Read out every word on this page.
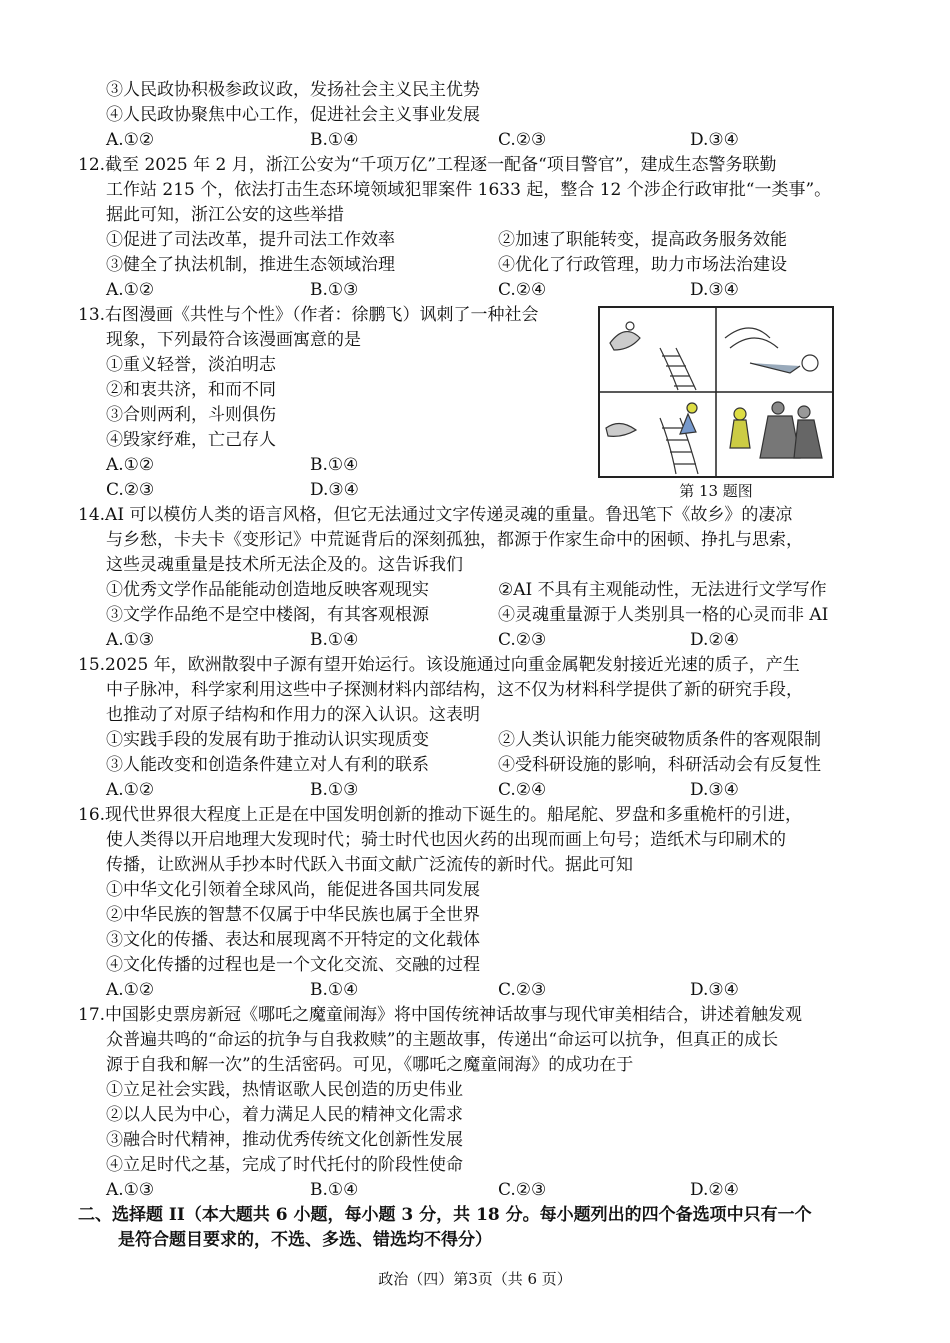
③人民政协积极参政议政，发扬社会主义民主优势
④人民政协聚焦中心工作，促进社会主义事业发展
A.①②	B.①④	C.②③	D.③④
12.截至 2025 年 2 月，浙江公安为“千项万亿”工程逐一配备“项目警官”，建成生态警务联勤
工作站 215 个，依法打击生态环境领域犯罪案件 1633 起，整合 12 个涉企行政审批“一类事”。
据此可知，浙江公安的这些举措
①促进了司法改革，提升司法工作效率	②加速了职能转变，提高政务服务效能
③健全了执法机制，推进生态领域治理	④优化了行政管理，助力市场法治建设
A.①②	B.①③	C.②④	D.③④
13.右图漫画《共性与个性》（作者：徐鹏飞）讽刺了一种社会
现象，下列最符合该漫画寓意的是
①重义轻誉，淡泊明志
②和衷共济，和而不同
③合则两利，斗则俱伤
④毁家纾难，亡己存人
A.①②	B.①④
C.②③	D.③④	第 13 题图
14.AI 可以模仿人类的语言风格，但它无法通过文字传递灵魂的重量。鲁迅笔下《故乡》的凄凉
与乡愁，卡夫卡《变形记》中荒诞背后的深刻孤独，都源于作家生命中的困顿、挣扎与思索，
这些灵魂重量是技术所无法企及的。这告诉我们
①优秀文学作品能能动创造地反映客观现实	②AI 不具有主观能动性，无法进行文学写作
③文学作品绝不是空中楼阁，有其客观根源	④灵魂重量源于人类别具一格的心灵而非 AI
A.①③	B.①④	C.②③	D.②④
15.2025 年，欧洲散裂中子源有望开始运行。该设施通过向重金属靶发射接近光速的质子，产生
中子脉冲，科学家利用这些中子探测材料内部结构，这不仅为材料科学提供了新的研究手段，
也推动了对原子结构和作用力的深入认识。这表明
①实践手段的发展有助于推动认识实现质变	②人类认识能力能突破物质条件的客观限制
③人能改变和创造条件建立对人有利的联系	④受科研设施的影响，科研活动会有反复性
A.①②	B.①③	C.②④	D.③④
16.现代世界很大程度上正是在中国发明创新的推动下诞生的。船尾舵、罗盘和多重桅杆的引进，
使人类得以开启地理大发现时代；骑士时代也因火药的出现而画上句号；造纸术与印刷术的
传播，让欧洲从手抄本时代跃入书面文献广泛流传的新时代。据此可知
①中华文化引领着全球风尚，能促进各国共同发展
②中华民族的智慧不仅属于中华民族也属于全世界
③文化的传播、表达和展现离不开特定的文化载体
④文化传播的过程也是一个文化交流、交融的过程
A.①②	B.①④	C.②③	D.③④
17.中国影史票房新冠《哪吒之魔童闹海》将中国传统神话故事与现代审美相结合，讲述着触发观
众普遍共鸣的“命运的抗争与自我救赎”的主题故事，传递出“命运可以抗争，但真正的成长
源于自我和解一次”的生活密码。可见，《哪吒之魔童闹海》的成功在于
①立足社会实践，热情讴歌人民创造的历史伟业
②以人民为中心，着力满足人民的精神文化需求
③融合时代精神，推动优秀传统文化创新性发展
④立足时代之基，完成了时代托付的阶段性使命
A.①③	B.①④	C.②③	D.②④
二、选择题 II（本大题共 6 小题，每小题 3 分，共 18 分。每小题列出的四个备选项中只有一个
是符合题目要求的，不选、多选、错选均不得分）
政治（四）第3页（共 6 页）
